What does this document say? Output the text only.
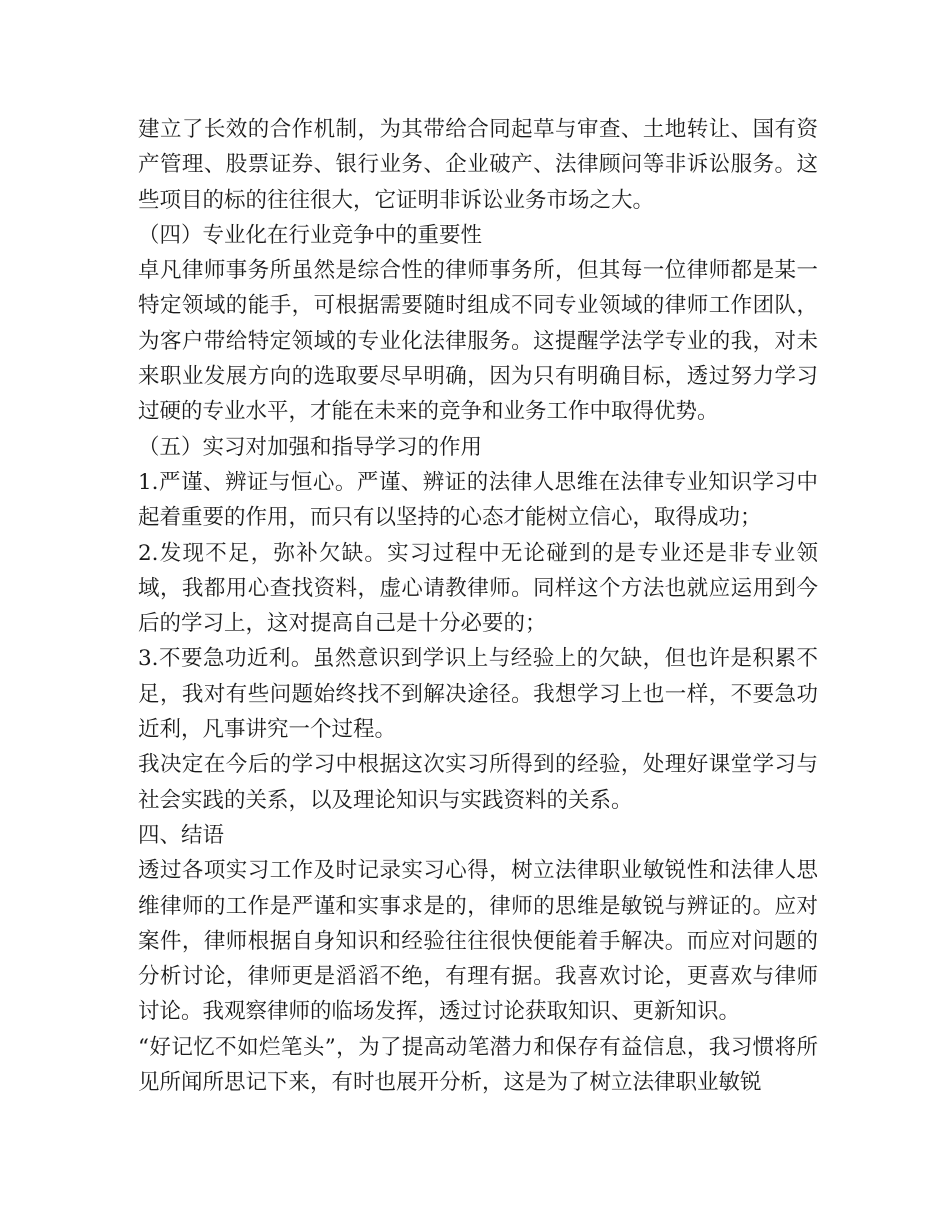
建立了长效的合作机制，为其带给合同起草与审查、土地转让、国有资产管理、股票证券、银行业务、企业破产、法律顾问等非诉讼服务。这些项目的标的往往很大，它证明非诉讼业务市场之大。

（四）专业化在行业竞争中的重要性

卓凡律师事务所虽然是综合性的律师事务所，但其每一位律师都是某一特定领域的能手，可根据需要随时组成不同专业领域的律师工作团队，为客户带给特定领域的专业化法律服务。这提醒学法学专业的我，对未来职业发展方向的选取要尽早明确，因为只有明确目标，透过努力学习过硬的专业水平，才能在未来的竞争和业务工作中取得优势。

（五）实习对加强和指导学习的作用

1.严谨、辨证与恒心。严谨、辨证的法律人思维在法律专业知识学习中起着重要的作用，而只有以坚持的心态才能树立信心，取得成功；

2.发现不足，弥补欠缺。实习过程中无论碰到的是专业还是非专业领域，我都用心查找资料，虚心请教律师。同样这个方法也就应运用到今后的学习上，这对提高自己是十分必要的；

3.不要急功近利。虽然意识到学识上与经验上的欠缺，但也许是积累不足，我对有些问题始终找不到解决途径。我想学习上也一样，不要急功近利，凡事讲究一个过程。

我决定在今后的学习中根据这次实习所得到的经验，处理好课堂学习与社会实践的关系，以及理论知识与实践资料的关系。

四、结语

透过各项实习工作及时记录实习心得，树立法律职业敏锐性和法律人思维律师的工作是严谨和实事求是的，律师的思维是敏锐与辨证的。应对案件，律师根据自身知识和经验往往很快便能着手解决。而应对问题的分析讨论，律师更是滔滔不绝，有理有据。我喜欢讨论，更喜欢与律师讨论。我观察律师的临场发挥，透过讨论获取知识、更新知识。

“好记忆不如烂笔头”，为了提高动笔潜力和保存有益信息，我习惯将所见所闻所思记下来，有时也展开分析，这是为了树立法律职业敏锐
